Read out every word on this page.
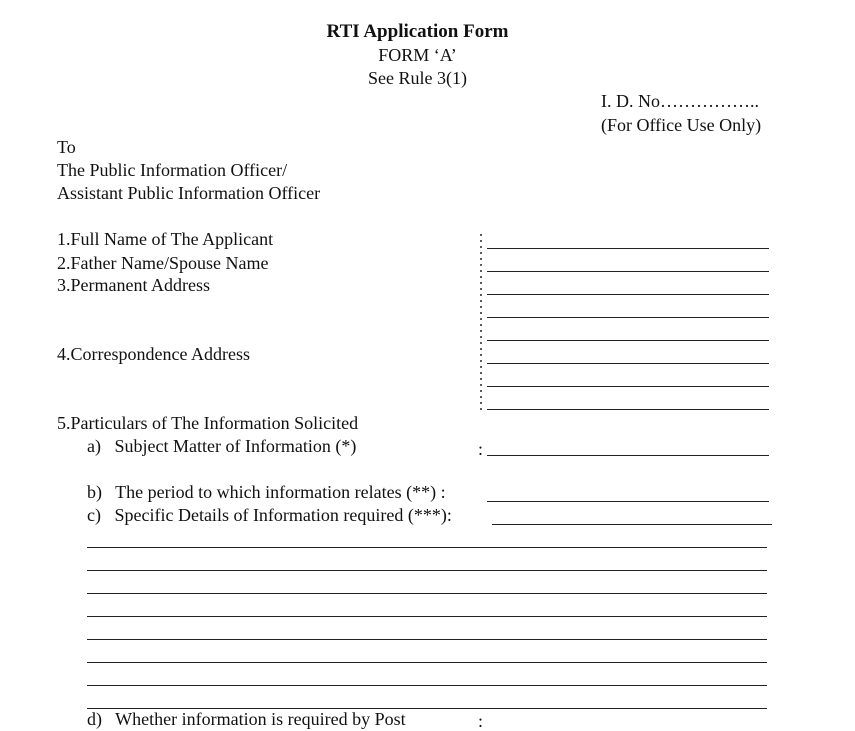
RTI Application Form
FORM ‘A’
See Rule 3(1)
I. D. No……………..
(For Office Use Only)
To
The Public Information Officer/
Assistant Public Information Officer
1.Full Name of The Applicant
2.Father Name/Spouse Name
3.Permanent Address
4.Correspondence Address
5.Particulars of The Information Solicited
a)  Subject Matter of Information (*)
b)  The period to which information relates (**) :
c)  Specific Details of Information required (***):
d)  Whether information is required by Post
:
:
